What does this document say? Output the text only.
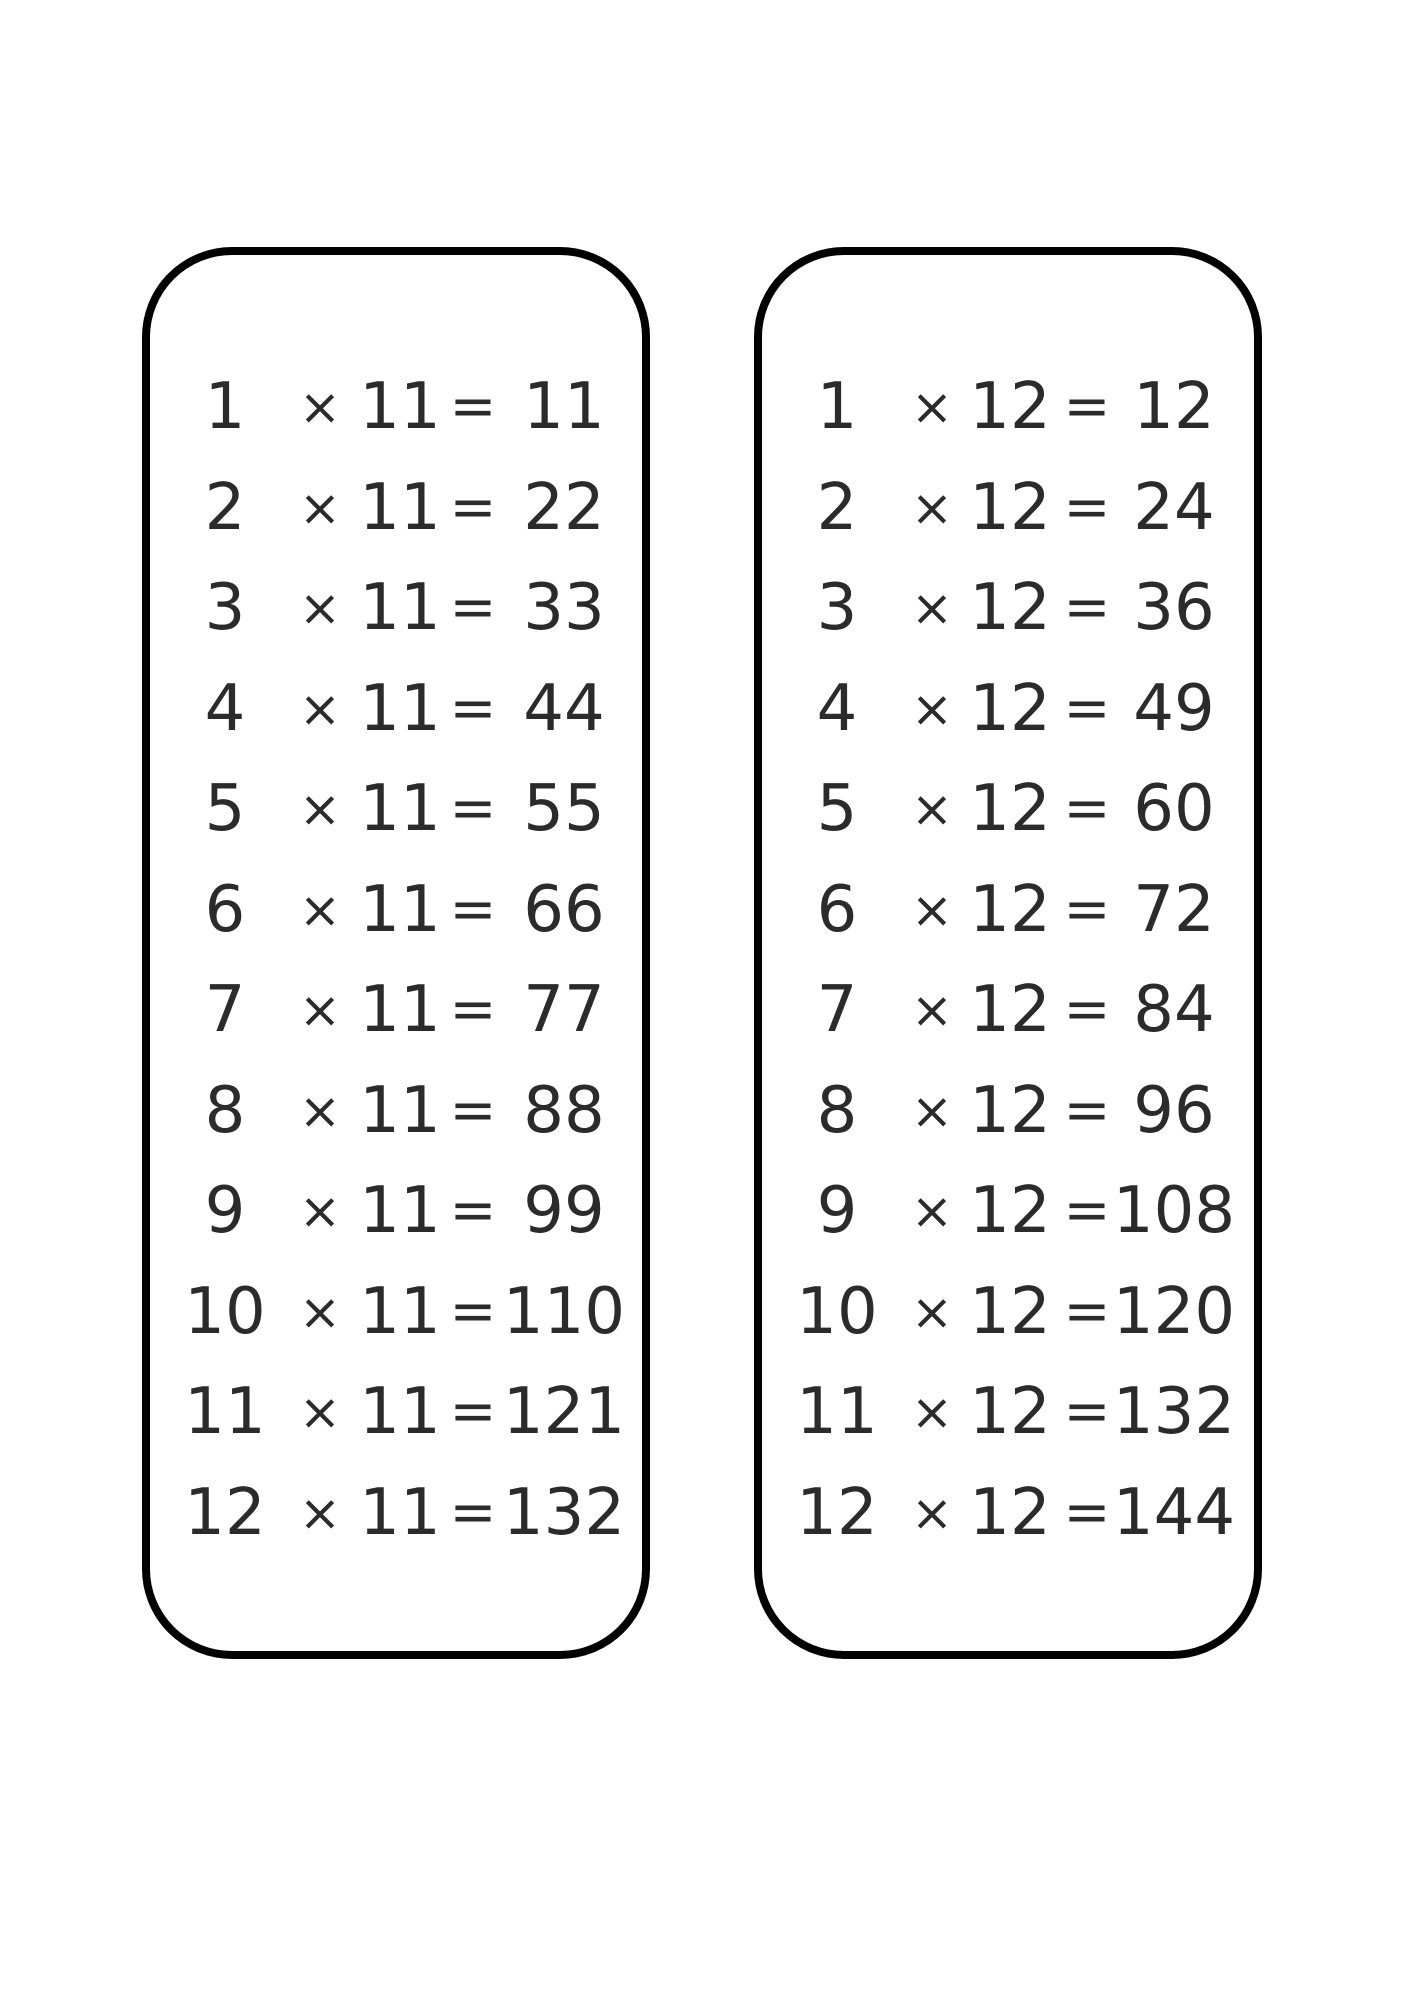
1	× 11 = 11
2	× 11 = 22
3	× 11 = 33
4	× 11 = 44
5	× 11 = 55
6	× 11 = 66
7	× 11 = 77
8	× 11 = 88
9	× 11 = 99
10 × 11 = 110
11 × 11 = 121
12 × 11 = 132
1	× 12 = 12
2	× 12 = 24
3	× 12 = 36
4	× 12 = 49
5	× 12 = 60
6	× 12 = 72
7	× 12 = 84
8	× 12 = 96
9	× 12 = 108
10 × 12 = 120
11 × 12 = 132
12 × 12 = 144
